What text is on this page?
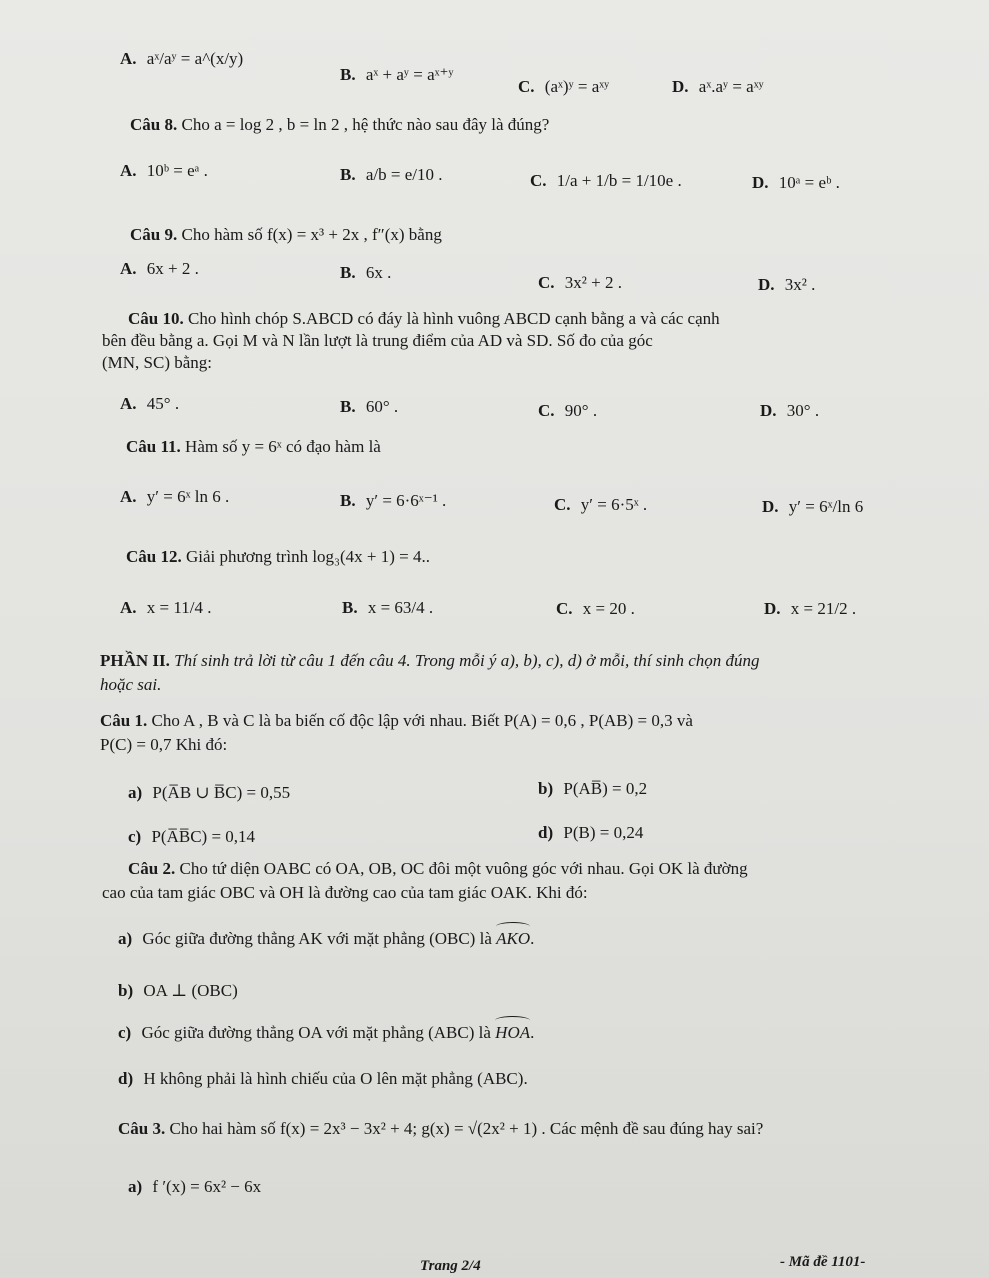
A. aˣ/aʸ = a^(x/y)
B. aˣ + aʸ = aˣ⁺ʸ
C. (aˣ)ʸ = aˣʸ	D. aˣ.aʸ = aˣʸ
Câu 8. Cho a = log 2 , b = ln 2 , hệ thức nào sau đây là đúng?
A. 10ᵇ = eᵃ .	B. a/b = e/10 .	C. 1/a + 1/b = 1/10e .	D. 10ᵃ = eᵇ .
Câu 9. Cho hàm số f(x) = x³ + 2x , f″(x) bằng
A. 6x + 2 .	B. 6x .
C. 3x² + 2 .	D. 3x² .
Câu 10. Cho hình chóp S.ABCD có đáy là hình vuông ABCD cạnh bằng a và các cạnh
bên đều bằng a. Gọi M và N lần lượt là trung điểm của AD và SD. Số đo của góc
(MN, SC) bằng:
A. 45° .	B. 60° .	C. 90° .	D. 30° .
Câu 11. Hàm số y = 6ˣ có đạo hàm là
A. y′ = 6ˣ ln 6 .	B. y′ = 6·6ˣ⁻¹ .	C. y′ = 6·5ˣ .	D. y′ = 6ˣ/ln 6
Câu 12. Giải phương trình log₃(4x + 1) = 4..
A. x = 11/4 .	B. x = 63/4 .	C. x = 20 .	D. x = 21/2 .
PHẦN II. Thí sinh trả lời từ câu 1 đến câu 4. Trong mỗi ý a), b), c), d) ở mỗi, thí sinh chọn đúng
hoặc sai.
Câu 1. Cho A , B và C là ba biến cố độc lập với nhau. Biết P(A) = 0,6 , P(AB) = 0,3 và
P(C) = 0,7 Khi đó:
a) P(A̅B ∪ B̅C) = 0,55	b) P(AB̅) = 0,2
c) P(A̅B̅C) = 0,14	d) P(B) = 0,24
Câu 2. Cho tứ diện OABC có OA, OB, OC đôi một vuông góc với nhau. Gọi OK là đường
cao của tam giác OBC và OH là đường cao của tam giác OAK. Khi đó:
a) Góc giữa đường thẳng AK với mặt phẳng (OBC) là AKO.
b) OA ⊥ (OBC)
c) Góc giữa đường thẳng OA với mặt phẳng (ABC) là HOA.
d) H không phải là hình chiếu của O lên mặt phẳng (ABC).
Câu 3. Cho hai hàm số f(x) = 2x³ − 3x² + 4; g(x) = √(2x² + 1) . Các mệnh đề sau đúng hay sai?
a) f ′(x) = 6x² − 6x
Trang 2/4	- Mã đề 1101-
